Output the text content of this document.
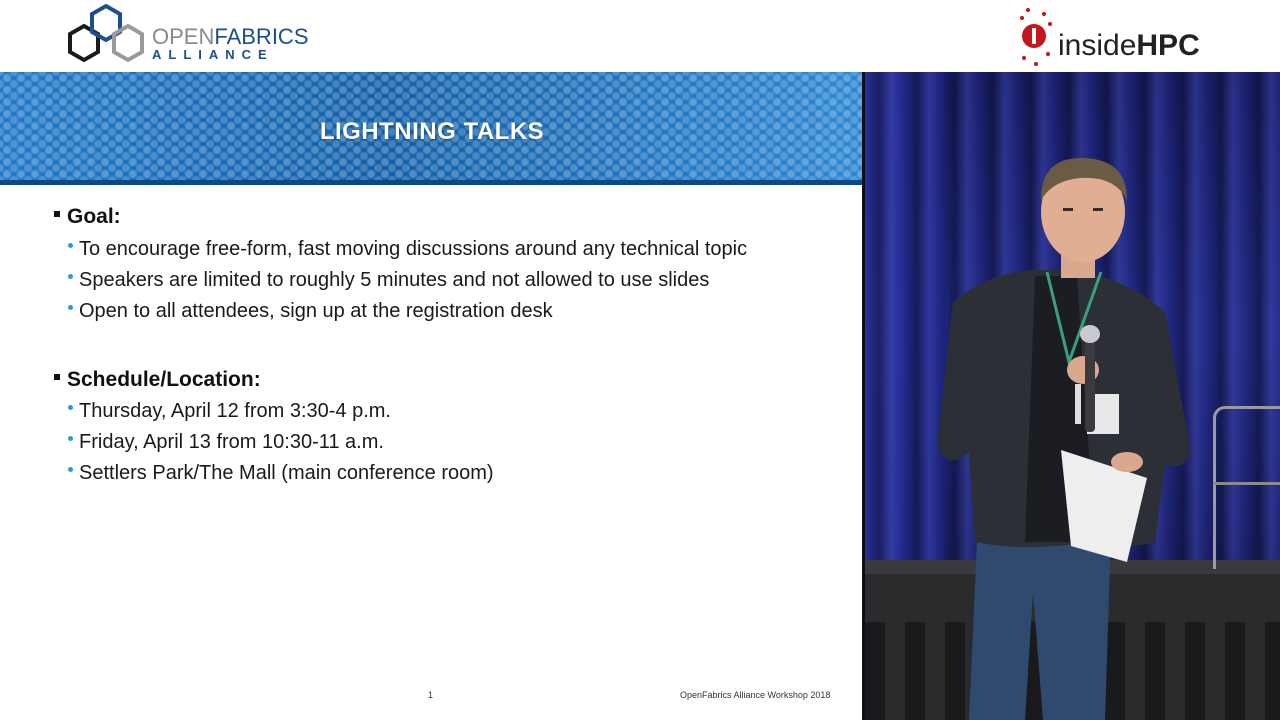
OPENFABRICS
ALLIANCE	insideHPC
LIGHTNING TALKS
Goal:
To encourage free-form, fast moving discussions around any technical topic
Speakers are limited to roughly 5 minutes and not allowed to use slides
Open to all attendees, sign up at the registration desk
Schedule/Location:
Thursday, April 12 from 3:30-4 p.m.
Friday, April 13 from 10:30-11 a.m.
Settlers Park/The Mall (main conference room)
1	OpenFabrics Alliance Workshop 2018
